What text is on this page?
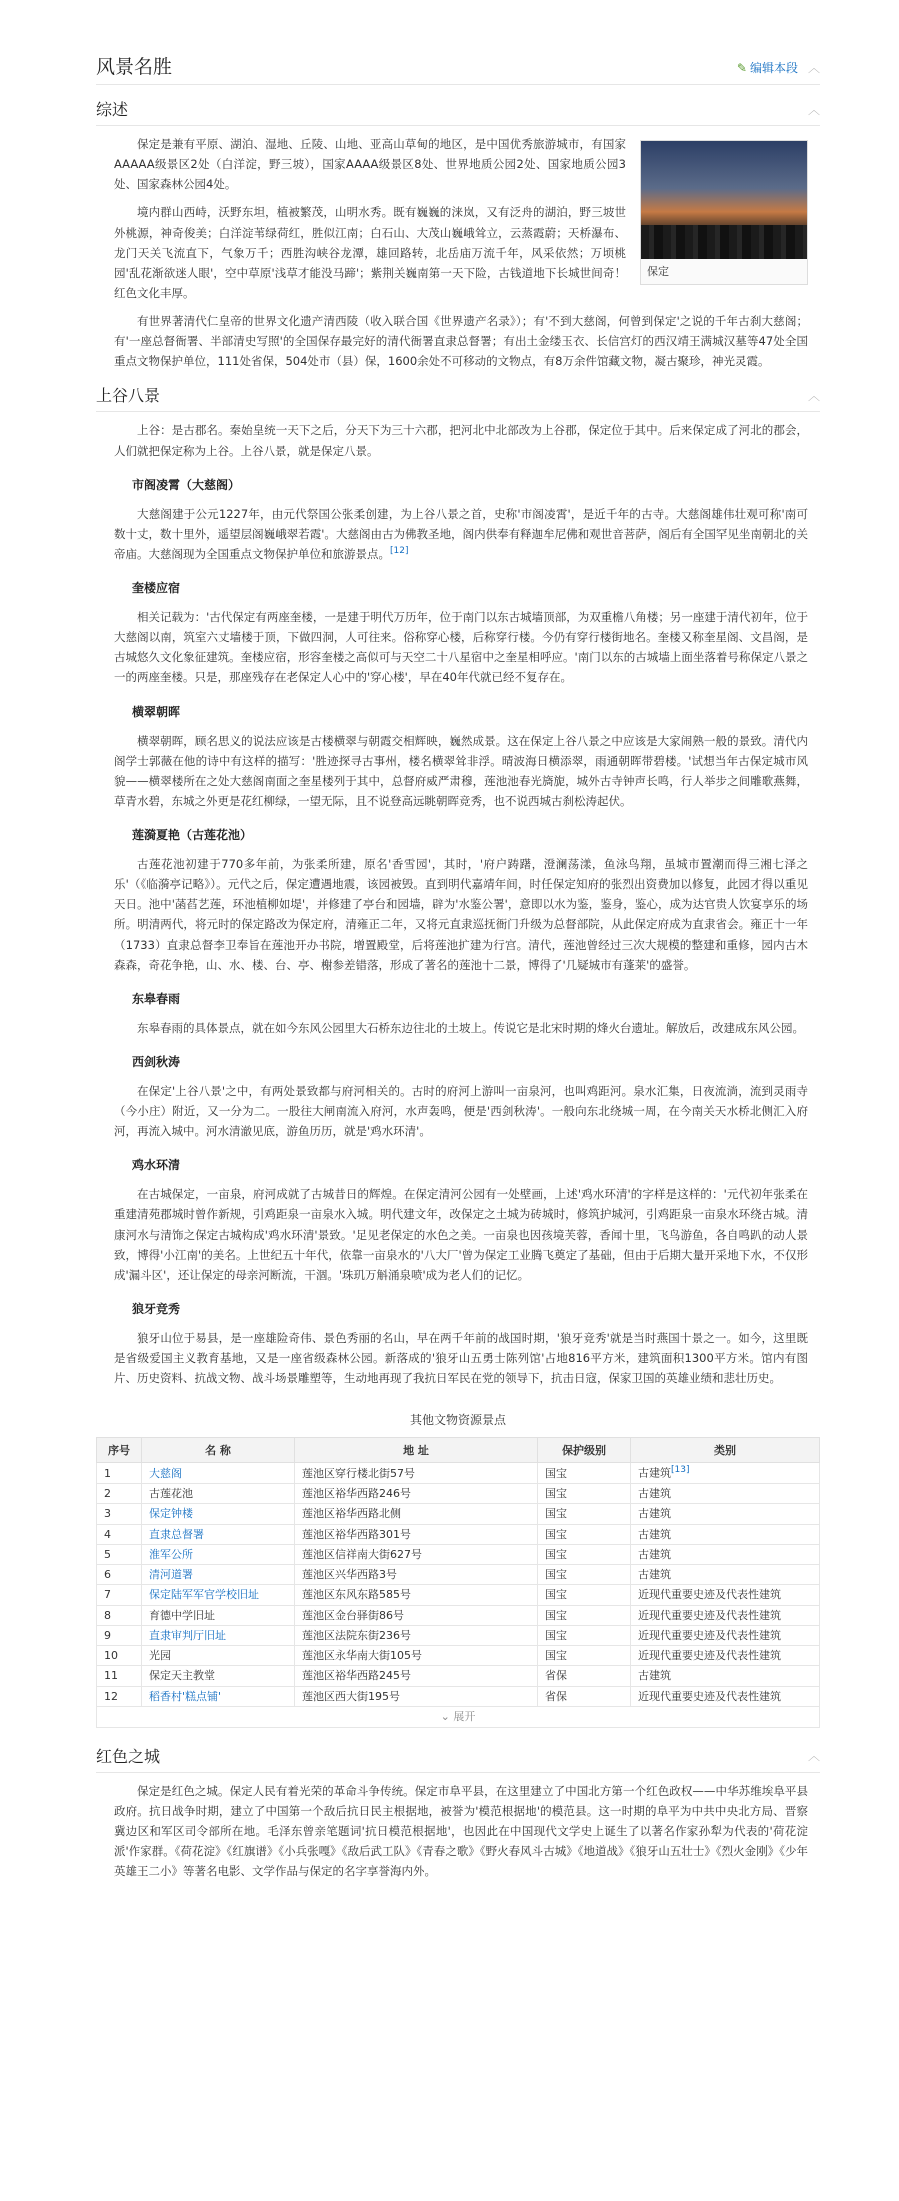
风景名胜	✎ 编辑本段 ︿
综述	︿
保定

保定是兼有平原、湖泊、湿地、丘陵、山地、亚高山草甸的地区，是中国优秀旅游城市，有国家AAAAA级景区2处（白洋淀，野三坡），国家AAAA级景区8处、世界地质公园2处、国家地质公园3处、国家森林公园4处。

境内群山西峙，沃野东坦，植被繁茂，山明水秀。既有巍巍的涞岚，又有泛舟的湖泊，野三坡世外桃源，神奇俊美；白洋淀苇绿荷红，胜似江南；白石山、大茂山巍峨耸立，云蒸霞蔚；天桥瀑布、龙门天关飞流直下，气象万千；西胜沟峡谷龙潭，雄回路转，北岳庙万流千年，风采依然；万顷桃园'乱花渐欲迷人眼'，空中草原'浅草才能没马蹄'；紫荆关巍南第一天下险，古钱道地下长城世间奇！红色文化丰厚。

有世界著清代仁皇帝的世界文化遗产清西陵（收入联合国《世界遗产名录》）；有'不到大慈阁，何曾到保定'之说的千年古刹大慈阁；有'一座总督衙署、半部清史写照'的全国保存最完好的清代衙署直隶总督署；有出土金缕玉衣、长信宫灯的西汉靖王满城汉墓等47处全国重点文物保护单位，111处省保，504处市（县）保，1600余处不可移动的文物点，有8万余件馆藏文物，凝古聚珍，神光灵霞。

上谷八景	︿

上谷：是古郡名。秦始皇统一天下之后，分天下为三十六郡，把河北中北部改为上谷郡，保定位于其中。后来保定成了河北的郡会，人们就把保定称为上谷。上谷八景，就是保定八景。

市阁凌霄（大慈阁）

大慈阁建于公元1227年，由元代祭国公张柔创建，为上谷八景之首，史称'市阁凌霄'，是近千年的古寺。大慈阁雄伟壮观可称'南可数十丈，数十里外，遥望层阁巍峨翠若霞'。大慈阁由古为佛教圣地，阁内供奉有释迦牟尼佛和观世音菩萨，阁后有全国罕见坐南朝北的关帝庙。大慈阁现为全国重点文物保护单位和旅游景点。[12]

奎楼应宿

相关记载为：'古代保定有两座奎楼，一是建于明代万历年，位于南门以东古城墙顶部，为双重檐八角楼；另一座建于清代初年，位于大慈阁以南，筑室六丈墙楼于顶，下做四洞，人可往来。俗称穿心楼，后称穿行楼。今仍有穿行楼街地名。奎楼又称奎星阁、文昌阁，是古城悠久文化象征建筑。奎楼应宿，形容奎楼之高似可与天空二十八星宿中之奎星相呼应。'南门以东的古城墙上面坐落着号称保定八景之一的两座奎楼。只是，那座残存在老保定人心中的'穿心楼'，早在40年代就已经不复存在。

横翠朝晖

横翠朝晖，顾名思义的说法应该是古楼横翠与朝霞交相辉映，巍然成景。这在保定上谷八景之中应该是大家闹熟一般的景致。清代内阁学士郭薇在他的诗中有这样的描写：'胜迹探寻古事州，楼名横翠耸非浮。晴波海日横添翠，雨通朝晖带碧楼。'试想当年古保定城市风貌——横翠楼所在之处大慈阁南面之奎星楼列于其中，总督府威严肃穆，莲池池春光旖旎，城外古寺钟声长鸣，行人举步之间雕歌燕舞，草青水碧，东城之外更是花红柳绿，一望无际，且不说登高远眺朝晖竞秀，也不说西城古刹松涛起伏。

莲漪夏艳（古莲花池）

古莲花池初建于770多年前，为张柔所建，原名'香雪园'，其时，'府户踌躇，澄澜荡漾，鱼泳鸟翔，虽城市置潮而得三湘七泽之乐'（《临漪亭记略》）。元代之后，保定遭遇地震，该园被毁。直到明代嘉靖年间，时任保定知府的张烈出资费加以修复，此园才得以重见天日。池中'菡萏艺莲，环池植柳如堤'，并修建了亭台和园墙，辟为'水鉴公署'，意即以水为鉴，鉴身，鉴心，成为达官贵人饮宴享乐的场所。明清两代，将元时的保定路改为保定府，清雍正二年，又将元直隶巡抚衙门升级为总督部院，从此保定府成为直隶省会。雍正十一年（1733）直隶总督李卫奉旨在莲池开办书院，增置殿堂，后将莲池扩建为行宫。清代，莲池曾经过三次大规模的整建和重修，园内古木森森，奇花争艳，山、水、楼、台、亭、榭参差错落，形成了著名的莲池十二景，博得了'几疑城市有蓬莱'的盛誉。

东皋春雨

东皋春雨的具体景点，就在如今东风公园里大石桥东边往北的土坡上。传说它是北宋时期的烽火台遗址。解放后，改建成东风公园。

西剑秋涛

在保定'上谷八景'之中，有两处景致都与府河相关的。古时的府河上游叫一亩泉河，也叫鸡距河。泉水汇集，日夜流淌，流到灵雨寺（今小庄）附近，又一分为二。一股往大闸南流入府河，水声轰鸣，便是'西剑秋涛'。一般向东北绕城一周，在今南关天水桥北侧汇入府河，再流入城中。河水清澈见底，游鱼历历，就是'鸡水环清'。

鸡水环清

在古城保定，一亩泉，府河成就了古城昔日的辉煌。在保定清河公园有一处壁画，上述'鸡水环清'的字样是这样的：'元代初年张柔在重建清苑郡城时曾作新规，引鸡距泉一亩泉水入城。明代建文年，改保定之土城为砖城时，修筑护城河，引鸡距泉一亩泉水环绕古城。清康河水与清饰之保定古城构成'鸡水环清'景致。'足见老保定的水色之美。一亩泉也因孩境芙蓉，香闻十里，飞鸟游鱼，各自鸣趴的动人景致，博得'小江南'的美名。上世纪五十年代，依靠一亩泉水的'八大厂'曾为保定工业腾飞奠定了基础，但由于后期大量开采地下水，不仅形成'漏斗区'，还让保定的母亲河断流，干涸。'珠玑万斛涌泉喷'成为老人们的记忆。

狼牙竞秀

狼牙山位于易县，是一座雄险奇伟、景色秀丽的名山，早在两千年前的战国时期，'狼牙竞秀'就是当时燕国十景之一。如今，这里既是省级爱国主义教育基地，又是一座省级森林公园。新落成的'狼牙山五勇士陈列馆'占地816平方米，建筑面积1300平方米。馆内有图片、历史资料、抗战文物、战斗场景雕塑等，生动地再现了我抗日军民在党的领导下，抗击日寇，保家卫国的英雄业绩和悲壮历史。

其他文物资源景点
序号	名 称	地 址	保护级别	类别
1	大慈阁	莲池区穿行楼北街57号	国宝	古建筑[13]
2	古莲花池	莲池区裕华西路246号	国宝	古建筑
3	保定钟楼	莲池区裕华西路北侧	国宝	古建筑
4	直隶总督署	莲池区裕华西路301号	国宝	古建筑
5	淮军公所	莲池区信祥南大街627号	国宝	古建筑
6	清河道署	莲池区兴华西路3号	国宝	古建筑
7	保定陆军军官学校旧址	莲池区东风东路585号	国宝	近现代重要史迹及代表性建筑
8	育德中学旧址	莲池区金台驿街86号	国宝	近现代重要史迹及代表性建筑
9	直隶审判厅旧址	莲池区法院东街236号	国宝	近现代重要史迹及代表性建筑
10	光园	莲池区永华南大街105号	国宝	近现代重要史迹及代表性建筑
11	保定天主教堂	莲池区裕华西路245号	省保	古建筑
12	稻香村'糕点铺'	莲池区西大街195号	省保	近现代重要史迹及代表性建筑
⌄ 展开
红色之城	︿

保定是红色之城。保定人民有着光荣的革命斗争传统。保定市阜平县，在这里建立了中国北方第一个红色政权——中华苏维埃阜平县政府。抗日战争时期，建立了中国第一个敌后抗日民主根据地，被誉为'模范根据地'的模范县。这一时期的阜平为中共中央北方局、晋察冀边区和军区司令部所在地。毛泽东曾亲笔题词'抗日模范根据地'，也因此在中国现代文学史上诞生了以著名作家孙犁为代表的'荷花淀派'作家群。《荷花淀》《红旗谱》《小兵张嘎》《敌后武工队》《青春之歌》《野火春风斗古城》《地道战》《狼牙山五壮士》《烈火金刚》《少年英雄王二小》等著名电影、文学作品与保定的名字享誉海内外。
